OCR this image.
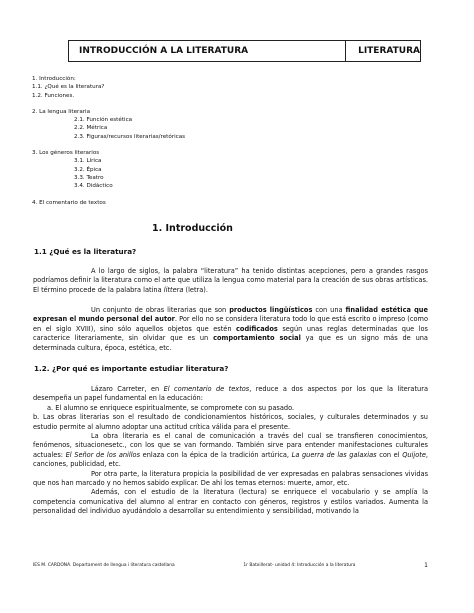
INTRODUCCIÓN A LA LITERATURA	LITERATURA
1. Introducción:
1.1. ¿Qué es la literatura?
1.2. Funciones.
2. La lengua literaria
2.1. Función estética
2.2. Métrica
2.3. Figuras/recursos literarias/retóricas
3. Los géneros literarios
3.1. Lírica
3.2. Épica
3.3. Teatro
3.4. Didáctico
4. El comentario de textos
1. Introducción
1.1 ¿Qué es la literatura?

A lo largo de siglos, la palabra “literatura” ha tenido distintas acepciones, pero a grandes rasgos podríamos definir la literatura como el arte que utiliza la lengua como material para la creación de sus obras artísticas. El término procede de la palabra latina littera (letra).

Un conjunto de obras literarias que son productos lingüísticos con una finalidad estética que expresan el mundo personal del autor. Por ello no se considera literatura todo lo que está escrito o impreso (como en el siglo XVIII), sino sólo aquellos objetos que estén codificados según unas reglas determinadas que los caracterice literariamente, sin olvidar que es un comportamiento social ya que es un signo más de una determinada cultura, época, estética, etc.

1.2. ¿Por qué es importante estudiar literatura?

Lázaro Carreter, en El comentario de textos, reduce a dos aspectos por los que la literatura desempeña un papel fundamental en la educación:

a. El alumno se enriquece espiritualmente, se compromete con su pasado.

b. Las obras literarias son el resultado de condicionamientos históricos, sociales, y culturales determinados y su estudio permite al alumno adoptar una actitud crítica válida para el presente.

La obra literaria es el canal de comunicación a través del cual se transfieren conocimientos, fenómenos, situacionesetc., con los que se van formando. También sirve para entender manifestaciones culturales actuales: El Señor de los anillos enlaza con la épica de la tradición artúrica, La guerra de las galaxias con el Quijote, canciones, publicidad, etc.

Por otra parte, la literatura propicia la posibilidad de ver expresadas en palabras sensaciones vividas que nos han marcado y no hemos sabido explicar. De ahí los temas eternos: muerte, amor, etc.

Además, con el estudio de la literatura (lectura) se enriquece el vocabulario y se amplía la competencia comunicativa del alumno al entrar en contacto con géneros, registros y estilos variados. Aumenta la personalidad del individuo ayudándolo a desarrollar su entendimiento y sensibilidad, motivando la

IES M. CARDONA. Departament de llengua i literatura castellana	1r Batxillerat- unidad 4: Introducción a la literatura	1
